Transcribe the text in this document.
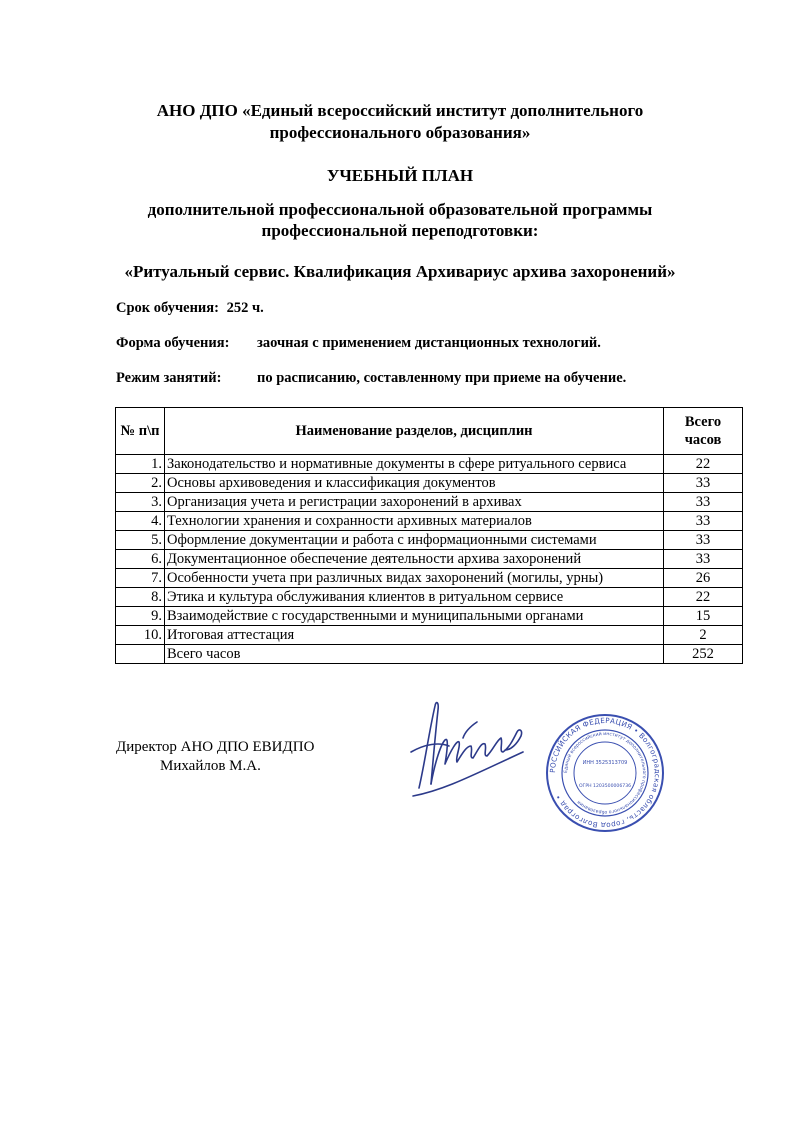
АНО ДПО «Единый всероссийский институт дополнительного
профессионального образования»
УЧЕБНЫЙ ПЛАН
дополнительной профессиональной образовательной программы
профессиональной переподготовки:
«Ритуальный сервис. Квалификация Архивариус архива захоронений»
Срок обучения: 252 ч.
Форма обучения: заочная с применением дистанционных технологий.
Режим занятий: по расписанию, составленному при приеме на обучение.
№ п\п	Наименование разделов, дисциплин	Всего
часов

1.	Законодательство и нормативные документы в сфере ритуального сервиса	22
2.	Основы архивоведения и классификация документов	33
3.	Организация учета и регистрации захоронений в архивах	33
4.	Технологии хранения и сохранности архивных материалов	33
5.	Оформление документации и работа с информационными системами	33
6.	Документационное обеспечение деятельности архива захоронений	33
7.	Особенности учета при различных видах захоронений (могилы, урны)	26
8.	Этика и культура обслуживания клиентов в ритуальном сервисе	22
9.	Взаимодействие с государственными и муниципальными органами	15
10.	Итоговая аттестация	2
	Всего часов	252
Директор АНО ДПО ЕВИДПО
Михайлов М.А.	РОССИЙСКАЯ ФЕДЕРАЦИЯ • Волгоградская область, город Волгоград •
Единый всероссийский институт дополнительного профессионального образования
ИНН 3525313709
ОГРН 1203500006736
